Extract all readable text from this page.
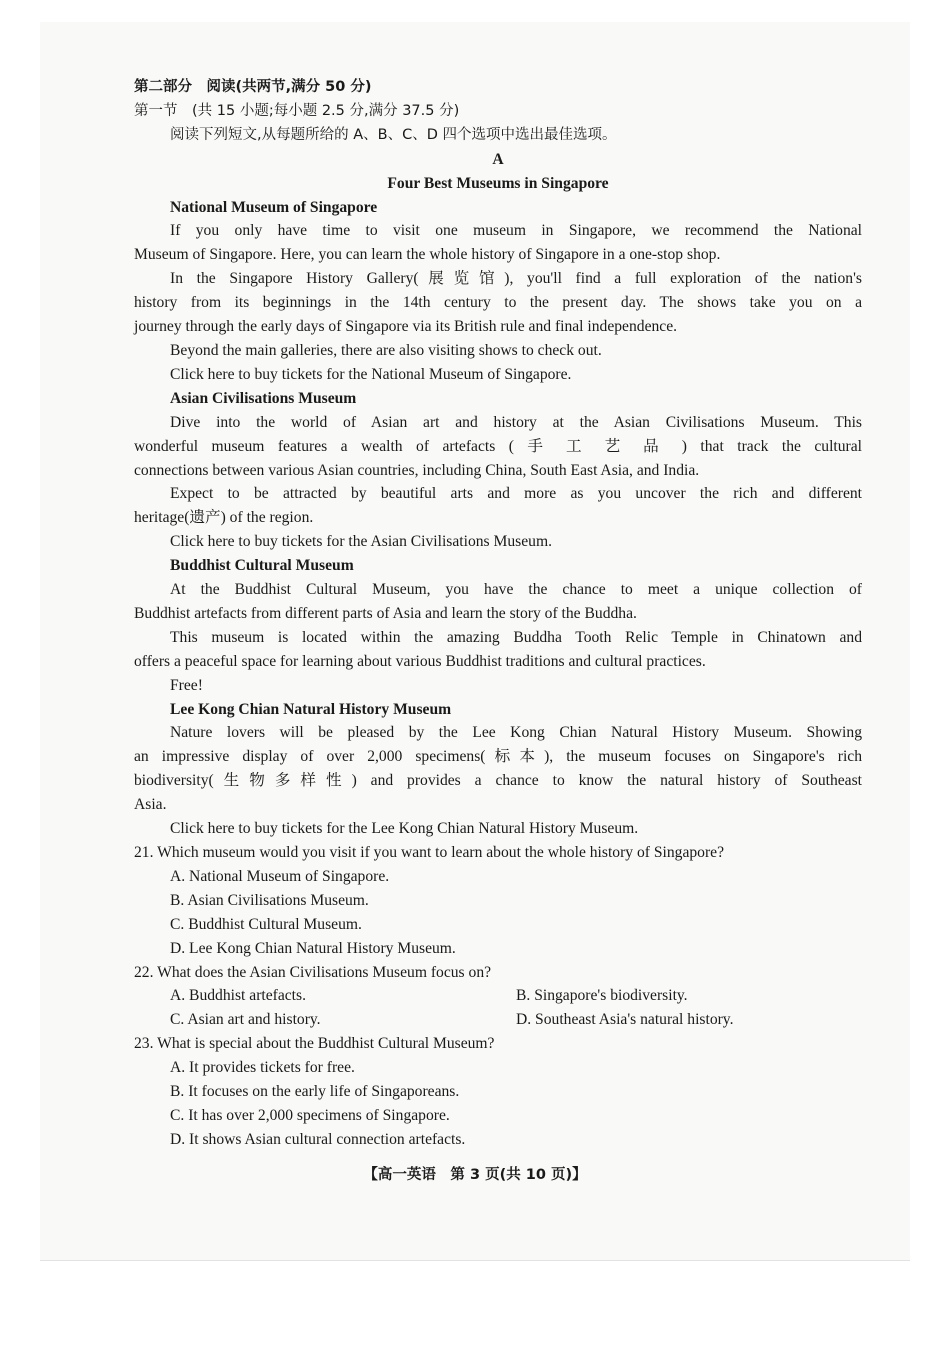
第二部分　阅读(共两节,满分 50 分)
第一节　(共 15 小题;每小题 2.5 分,满分 37.5 分)
阅读下列短文,从每题所给的 A、B、C、D 四个选项中选出最佳选项。
A
Four Best Museums in Singapore
National Museum of Singapore
If you only have time to visit one museum in Singapore, we recommend the National
Museum of Singapore. Here, you can learn the whole history of Singapore in a one-stop shop.
In the Singapore History Gallery(展览馆), you'll find a full exploration of the nation's
history from its beginnings in the 14th century to the present day. The shows take you on a
journey through the early days of Singapore via its British rule and final independence.
Beyond the main galleries, there are also visiting shows to check out.
Click here to buy tickets for the National Museum of Singapore.
Asian Civilisations Museum
Dive into the world of Asian art and history at the Asian Civilisations Museum. This
wonderful museum features a wealth of artefacts ( 手 工 艺 品 ) that track the cultural
connections between various Asian countries, including China, South East Asia, and India.
Expect to be attracted by beautiful arts and more as you uncover the rich and different
heritage(遗产) of the region.
Click here to buy tickets for the Asian Civilisations Museum.
Buddhist Cultural Museum
At the Buddhist Cultural Museum, you have the chance to meet a unique collection of
Buddhist artefacts from different parts of Asia and learn the story of the Buddha.
This museum is located within the amazing Buddha Tooth Relic Temple in Chinatown and
offers a peaceful space for learning about various Buddhist traditions and cultural practices.
Free!
Lee Kong Chian Natural History Museum
Nature lovers will be pleased by the Lee Kong Chian Natural History Museum. Showing
an impressive display of over 2,000 specimens(标本), the museum focuses on Singapore's rich
biodiversity(生物多样性) and provides a chance to know the natural history of Southeast
Asia.
Click here to buy tickets for the Lee Kong Chian Natural History Museum.
21. Which museum would you visit if you want to learn about the whole history of Singapore?
A. National Museum of Singapore.
B. Asian Civilisations Museum.
C. Buddhist Cultural Museum.
D. Lee Kong Chian Natural History Museum.
22. What does the Asian Civilisations Museum focus on?
A. Buddhist artefacts.	B. Singapore's biodiversity.
C. Asian art and history.	D. Southeast Asia's natural history.
23. What is special about the Buddhist Cultural Museum?
A. It provides tickets for free.
B. It focuses on the early life of Singaporeans.
C. It has over 2,000 specimens of Singapore.
D. It shows Asian cultural connection artefacts.
【高一英语　第 3 页(共 10 页)】
